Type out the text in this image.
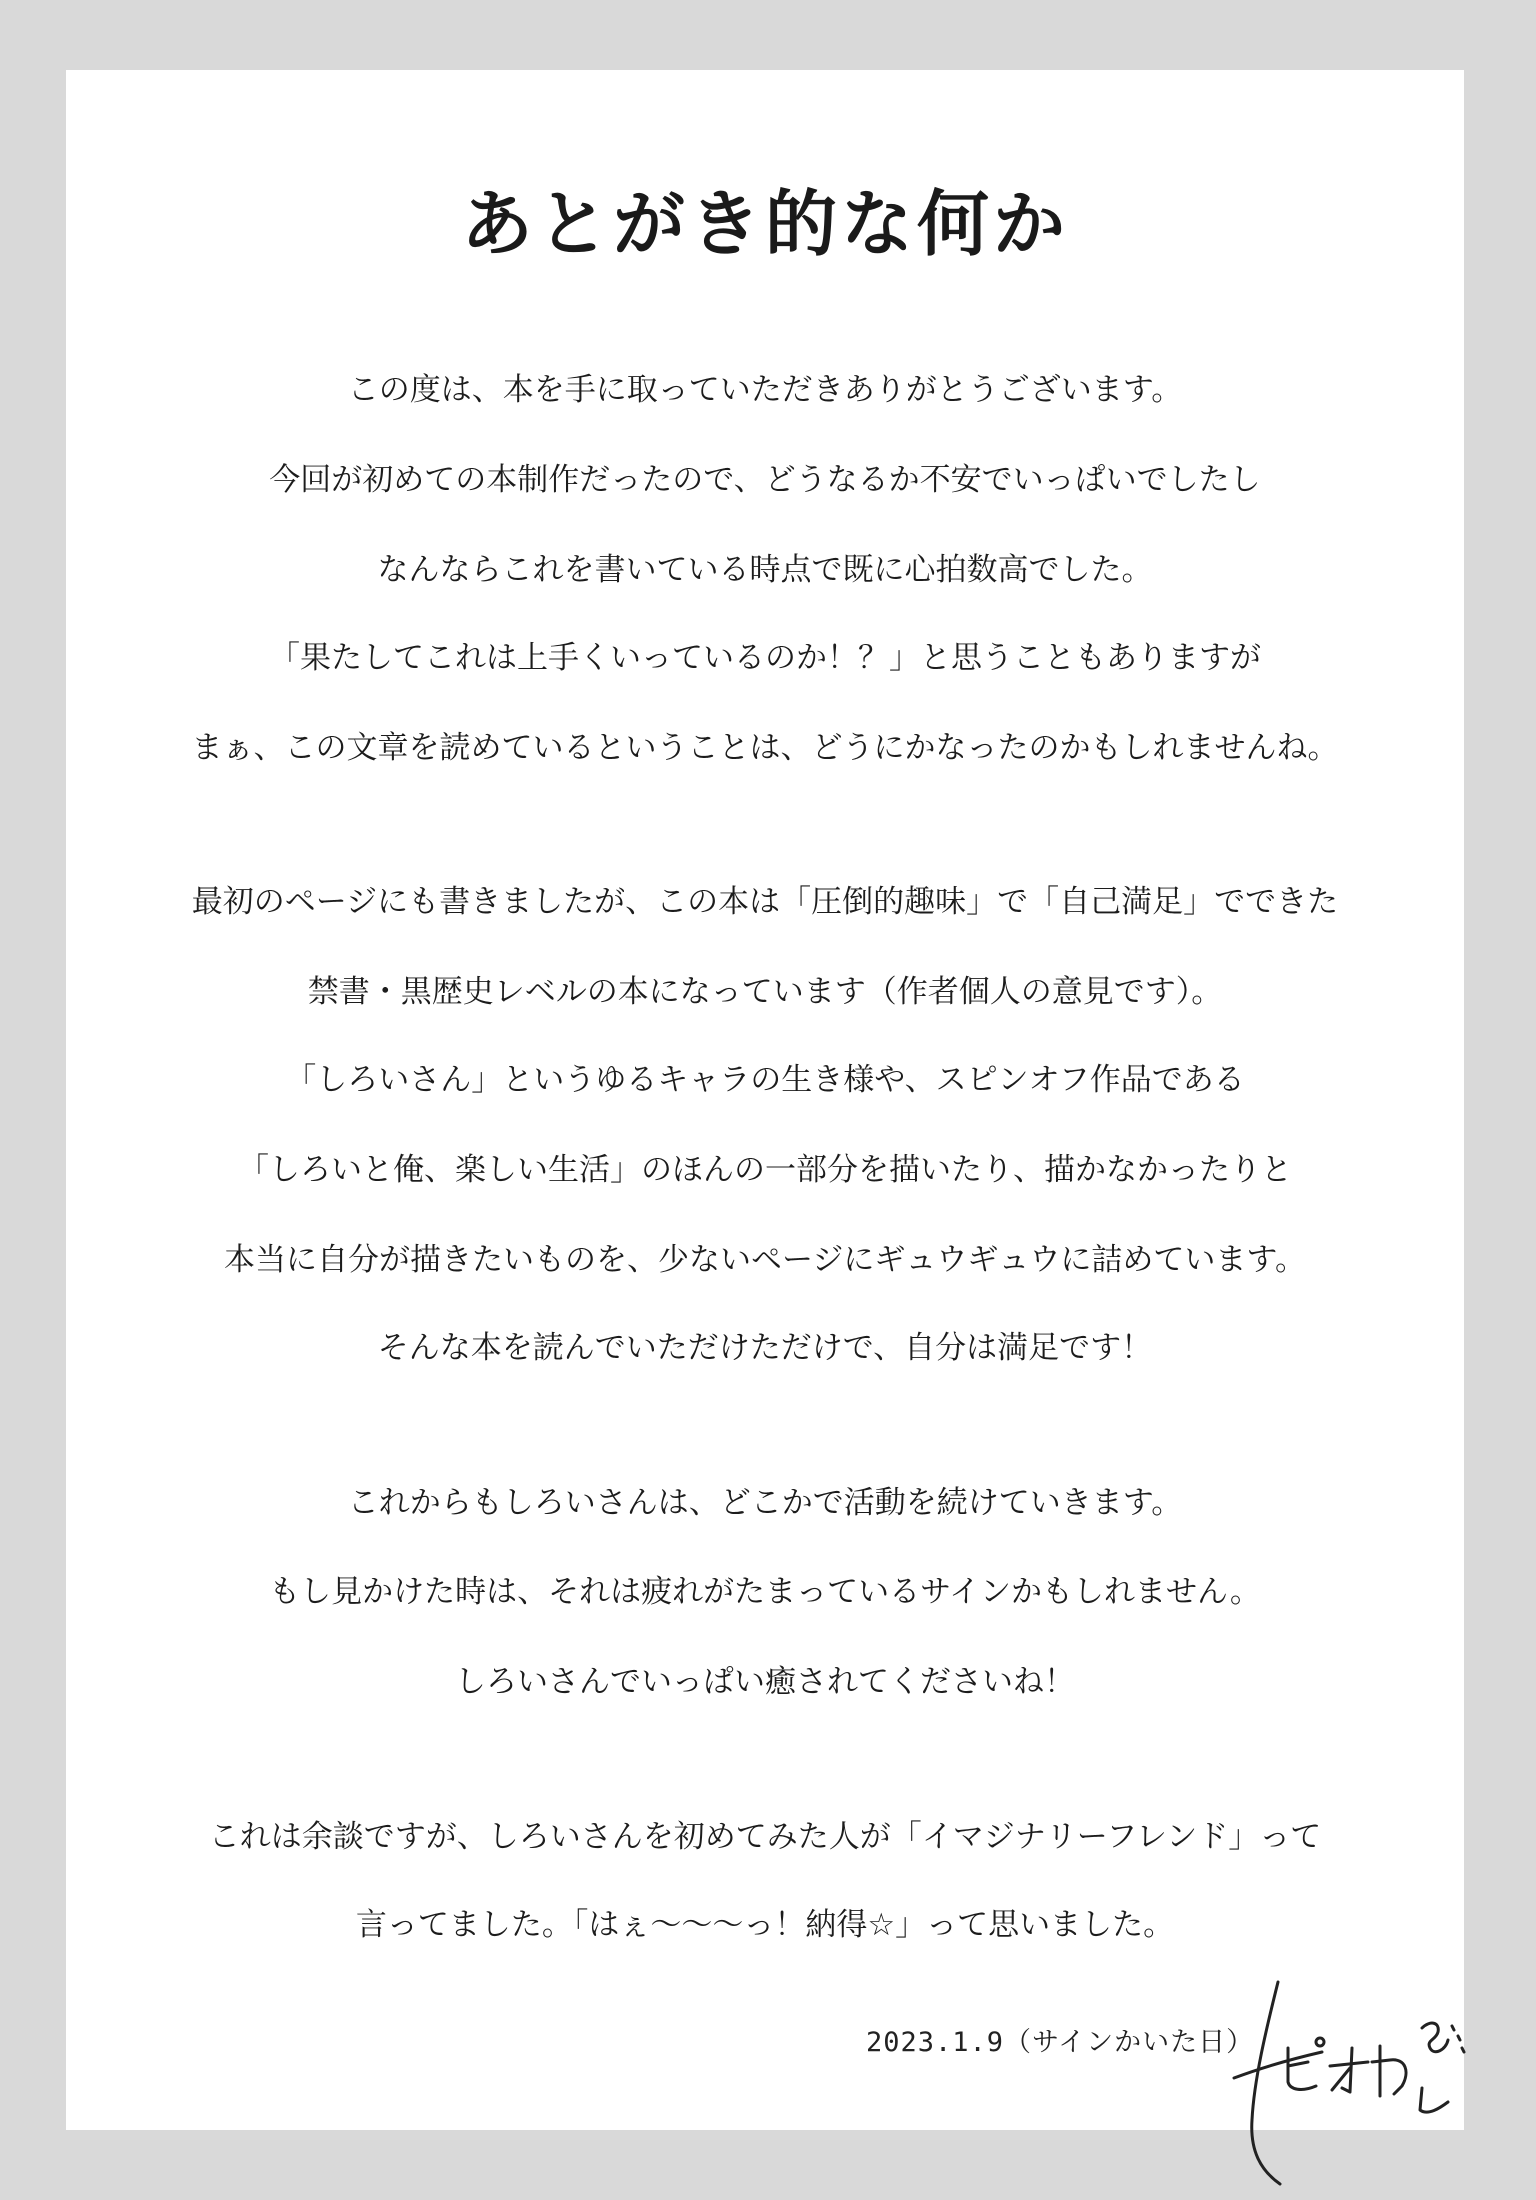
あとがき的な何か
この度は、本を手に取っていただきありがとうございます。
今回が初めての本制作だったので、どうなるか不安でいっぱいでしたし
なんならこれを書いている時点で既に心拍数高でした。
「果たしてこれは上手くいっているのか！？」と思うこともありますが
まぁ、この文章を読めているということは、どうにかなったのかもしれませんね。
最初のページにも書きましたが、この本は「圧倒的趣味」で「自己満足」でできた
禁書・黒歴史レベルの本になっています（作者個人の意見です）。
「しろいさん」というゆるキャラの生き様や、スピンオフ作品である
「しろいと俺、楽しい生活」のほんの一部分を描いたり、描かなかったりと
本当に自分が描きたいものを、少ないページにギュウギュウに詰めています。
そんな本を読んでいただけただけで、自分は満足です！
これからもしろいさんは、どこかで活動を続けていきます。
もし見かけた時は、それは疲れがたまっているサインかもしれません。
しろいさんでいっぱい癒されてくださいね！
これは余談ですが、しろいさんを初めてみた人が「イマジナリーフレンド」って
言ってました。「はぇ〜〜〜っ！納得☆」って思いました。
2023.1.9（サインかいた日）
